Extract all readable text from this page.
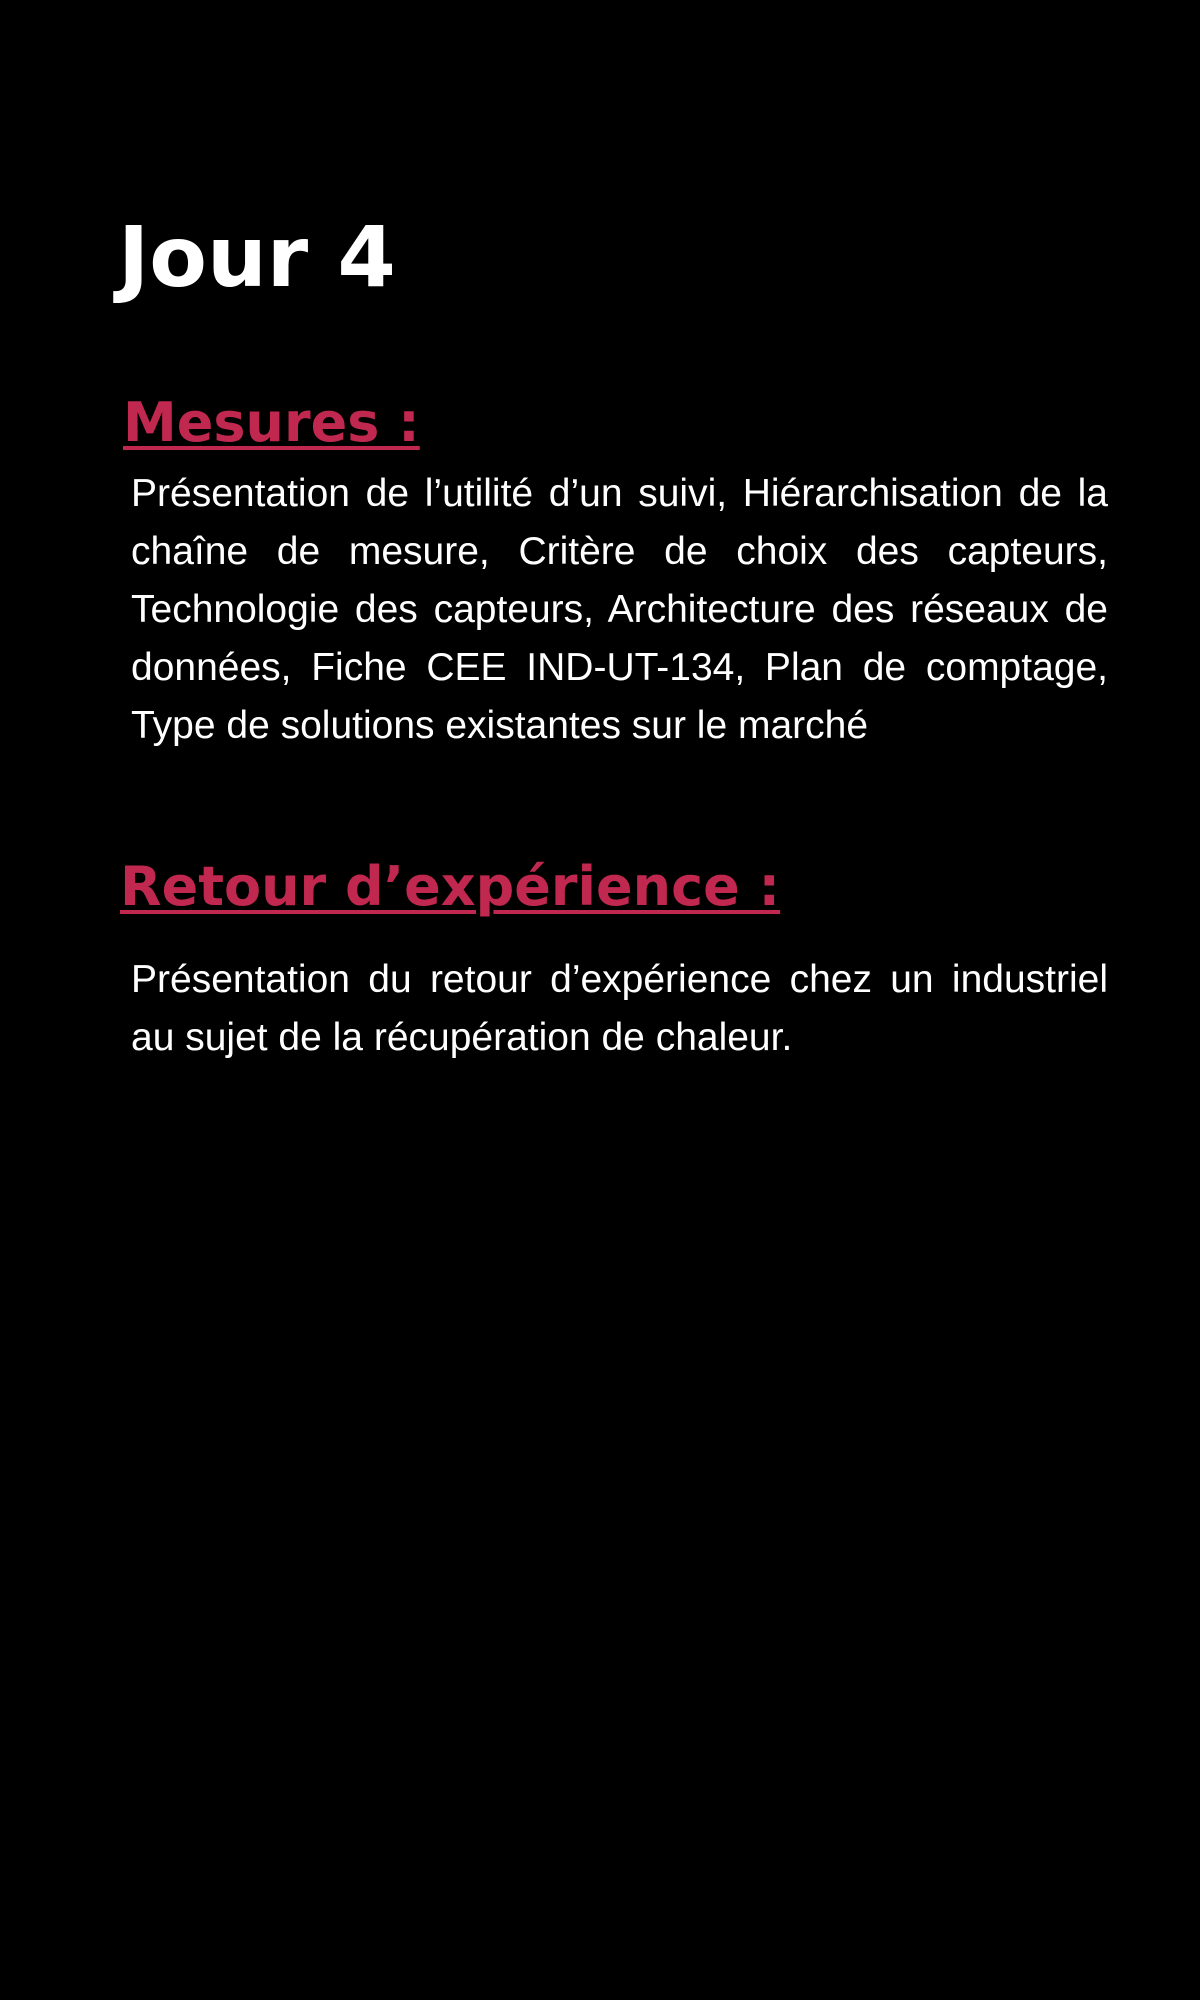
Jour 4
Mesures :

Présentation de l’utilité d’un suivi, Hiérarchisation de la chaîne de mesure, Critère de choix des capteurs, Technologie des capteurs, Architecture des réseaux de données, Fiche CEE IND-UT-134, Plan de comptage, Type de solutions existantes sur le marché

Retour d’expérience :

Présentation du retour d’expérience chez un industriel au sujet de la récupération de chaleur.
